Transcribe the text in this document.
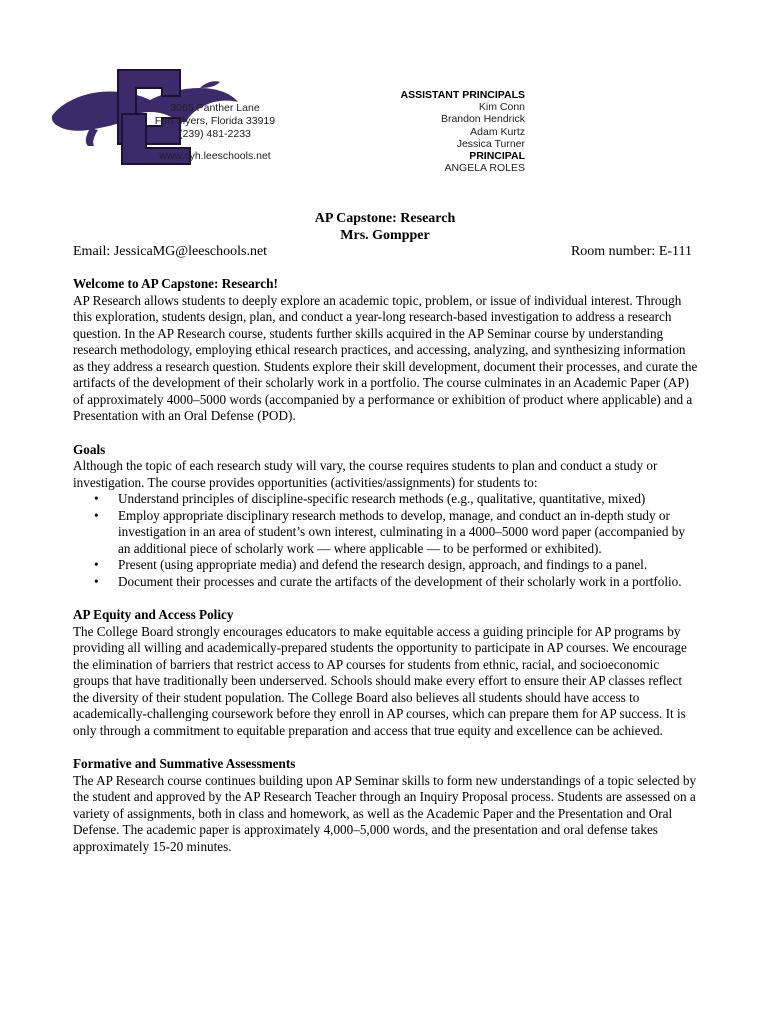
CL
3065 Panther Lane
Fort Myers, Florida 33919
(239) 481-2233
www.cyh.leeschools.net
ASSISTANT PRINCIPALS
Kim Conn
Brandon Hendrick
Adam Kurtz
Jessica Turner
PRINCIPAL
ANGELA ROLES
AP Capstone: Research
Mrs. Gompper
Email: JessicaMG@leeschools.net	Room number: E-111
Welcome to AP Capstone: Research!

AP Research allows students to deeply explore an academic topic, problem, or issue of individual interest. Through this exploration, students design, plan, and conduct a year-long research-based investigation to address a research question. In the AP Research course, students further skills acquired in the AP Seminar course by understanding research methodology, employing ethical research practices, and accessing, analyzing, and synthesizing information as they address a research question. Students explore their skill development, document their processes, and curate the artifacts of the development of their scholarly work in a portfolio. The course culminates in an Academic Paper (AP) of approximately 4000–5000 words (accompanied by a performance or exhibition of product where applicable) and a Presentation with an Oral Defense (POD).

Goals

Although the topic of each research study will vary, the course requires students to plan and conduct a study or investigation. The course provides opportunities (activities/assignments) for students to:

• Understand principles of discipline-specific research methods (e.g., qualitative, quantitative, mixed)
• Employ appropriate disciplinary research methods to develop, manage, and conduct an in-depth study or investigation in an area of student’s own interest, culminating in a 4000–5000 word paper (accompanied by an additional piece of scholarly work — where applicable — to be performed or exhibited).
• Present (using appropriate media) and defend the research design, approach, and findings to a panel.
• Document their processes and curate the artifacts of the development of their scholarly work in a portfolio.
AP Equity and Access Policy

The College Board strongly encourages educators to make equitable access a guiding principle for AP programs by providing all willing and academically-prepared students the opportunity to participate in AP courses. We encourage the elimination of barriers that restrict access to AP courses for students from ethnic, racial, and socioeconomic groups that have traditionally been underserved. Schools should make every effort to ensure their AP classes reflect the diversity of their student population. The College Board also believes all students should have access to academically-challenging coursework before they enroll in AP courses, which can prepare them for AP success. It is only through a commitment to equitable preparation and access that true equity and excellence can be achieved.

Formative and Summative Assessments

The AP Research course continues building upon AP Seminar skills to form new understandings of a topic selected by the student and approved by the AP Research Teacher through an Inquiry Proposal process. Students are assessed on a variety of assignments, both in class and homework, as well as the Academic Paper and the Presentation and Oral Defense. The academic paper is approximately 4,000–5,000 words, and the presentation and oral defense takes approximately 15-20 minutes.
